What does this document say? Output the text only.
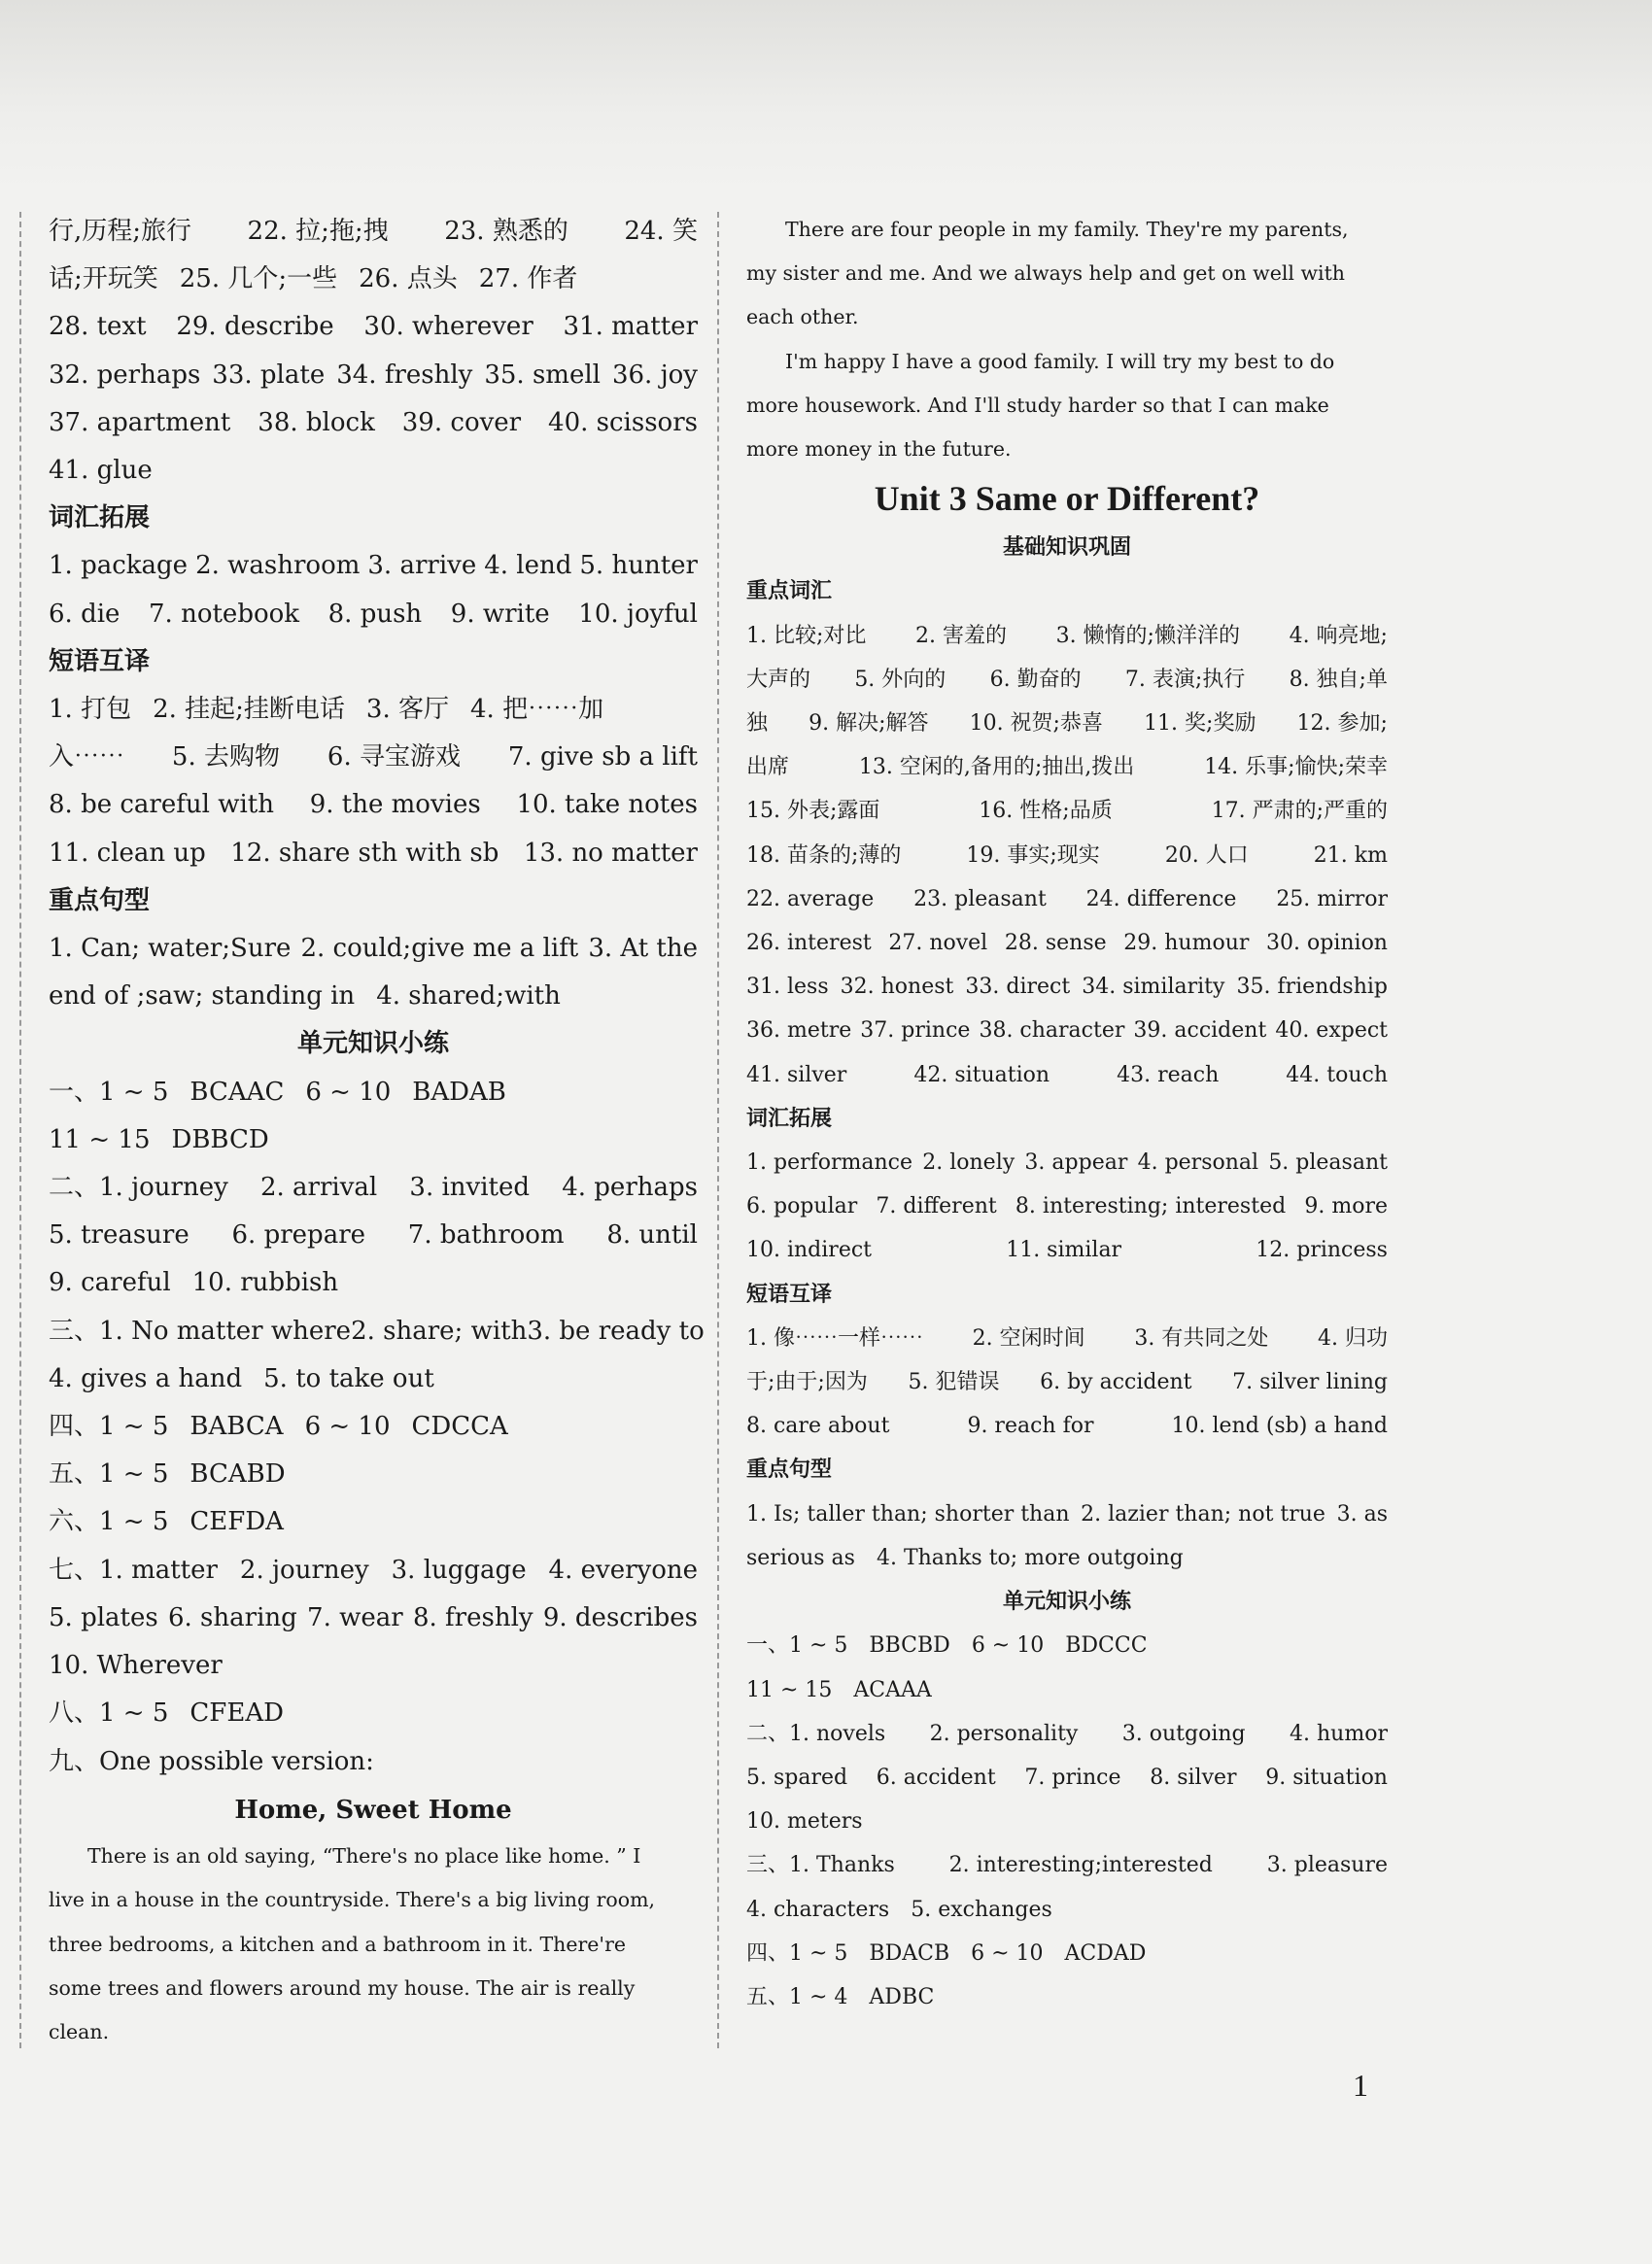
行,历程;旅行 22. 拉;拖;拽 23. 熟悉的 24. 笑
话;开玩笑 25. 几个;一些 26. 点头 27. 作者
28. text 29. describe 30. wherever 31. matter
32. perhaps 33. plate 34. freshly 35. smell 36. joy
37. apartment 38. block 39. cover 40. scissors
41. glue
词汇拓展
1. package 2. washroom 3. arrive 4. lend 5. hunter
6. die 7. notebook 8. push 9. write 10. joyful
短语互译
1. 打包 2. 挂起;挂断电话 3. 客厅 4. 把⋯⋯加
入⋯⋯ 5. 去购物 6. 寻宝游戏 7. give sb a lift
8. be careful with 9. the movies 10. take notes
11. clean up 12. share sth with sb 13. no matter
重点句型
1. Can; water;Sure 2. could;give me a lift 3. At the
end of ;saw; standing in 4. shared;with
单元知识小练
一、1 ~ 5 BCAAC 6 ~ 10 BADAB
11 ~ 15 DBBCD
二、1. journey 2. arrival 3. invited 4. perhaps
5. treasure 6. prepare 7. bathroom 8. until
9. careful 10. rubbish
三、1. No matter where 2. share; with 3. be ready to
4. gives a hand 5. to take out
四、1 ~ 5 BABCA 6 ~ 10 CDCCA
五、1 ~ 5 BCABD
六、1 ~ 5 CEFDA
七、1. matter 2. journey 3. luggage 4. everyone
5. plates 6. sharing 7. wear 8. freshly 9. describes
10. Wherever
八、1 ~ 5 CFEAD
九、One possible version:
Home, Sweet Home
There is an old saying, “There's no place like home. ” I
live in a house in the countryside. There's a big living room,
three bedrooms, a kitchen and a bathroom in it. There're
some trees and flowers around my house. The air is really
clean.
There are four people in my family. They're my parents,
my sister and me. And we always help and get on well with
each other.
I'm happy I have a good family. I will try my best to do
more housework. And I'll study harder so that I can make
more money in the future.
Unit 3 Same or Different?
基础知识巩固
重点词汇
1. 比较;对比 2. 害羞的 3. 懒惰的;懒洋洋的 4. 响亮地;
大声的 5. 外向的 6. 勤奋的 7. 表演;执行 8. 独自;单
独 9. 解决;解答 10. 祝贺;恭喜 11. 奖;奖励 12. 参加;
出席	13. 空闲的,备用的;抽出,拨出	14. 乐事;愉快;荣幸
15. 外表;露面	16. 性格;品质	17. 严肃的;严重的
18. 苗条的;薄的	19. 事实;现实	20. 人口	21. km
22. average 23. pleasant 24. difference 25. mirror
26. interest 27. novel 28. sense 29. humour 30. opinion
31. less 32. honest 33. direct 34. similarity 35. friendship
36. metre 37. prince 38. character 39. accident 40. expect
41. silver	42. situation	43. reach	44. touch
词汇拓展
1. performance 2. lonely 3. appear 4. personal 5. pleasant
6. popular 7. different 8. interesting; interested 9. more
10. indirect	11. similar	12. princess
短语互译
1. 像⋯⋯一样⋯⋯ 2. 空闲时间 3. 有共同之处 4. 归功
于;由于;因为 5. 犯错误 6. by accident 7. silver lining
8. care about	9. reach for	10. lend (sb) a hand
重点句型
1. Is; taller than; shorter than 2. lazier than; not true 3. as
serious as 4. Thanks to; more outgoing
单元知识小练
一、1 ~ 5 BBCBD 6 ~ 10 BDCCC
11 ~ 15 ACAAA
二、1. novels 2. personality 3. outgoing 4. humor
5. spared 6. accident 7. prince 8. silver 9. situation
10. meters
三、1. Thanks	2. interesting;interested	3. pleasure
4. characters 5. exchanges
四、1 ~ 5 BDACB 6 ~ 10 ACDAD
五、1 ~ 4 ADBC
1
